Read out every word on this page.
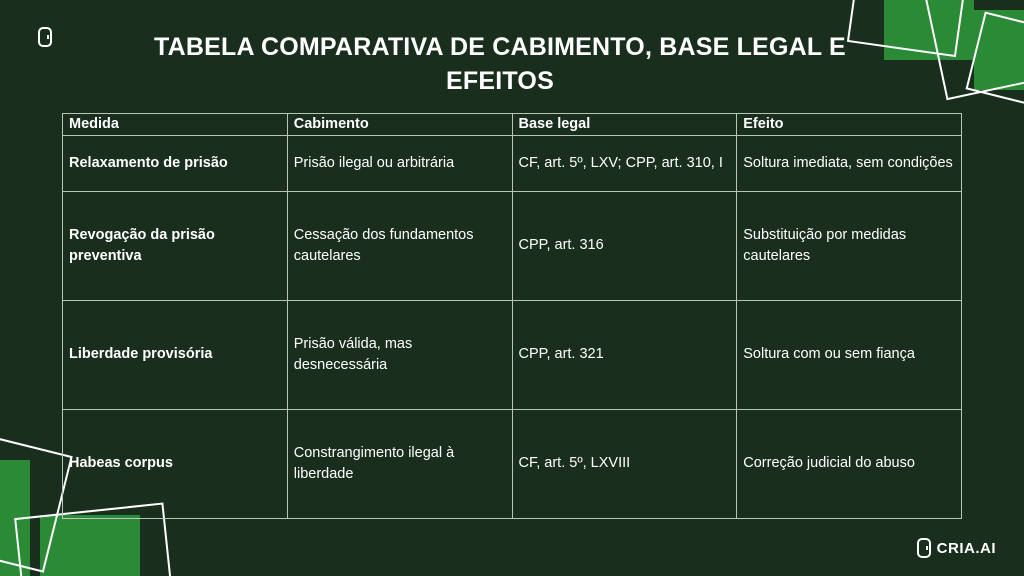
TABELA COMPARATIVA DE CABIMENTO, BASE LEGAL E EFEITOS
Medida	Cabimento	Base legal	Efeito
Relaxamento de prisão	Prisão ilegal ou arbitrária	CF, art. 5º, LXV; CPP, art. 310, I	Soltura imediata, sem condições
Revogação da prisão preventiva	Cessação dos fundamentos cautelares	CPP, art. 316	Substituição por medidas cautelares
Liberdade provisória	Prisão válida, mas desnecessária	CPP, art. 321	Soltura com ou sem fiança
Habeas corpus	Constrangimento ilegal à liberdade	CF, art. 5º, LXVIII	Correção judicial do abuso
CRIA.AI
